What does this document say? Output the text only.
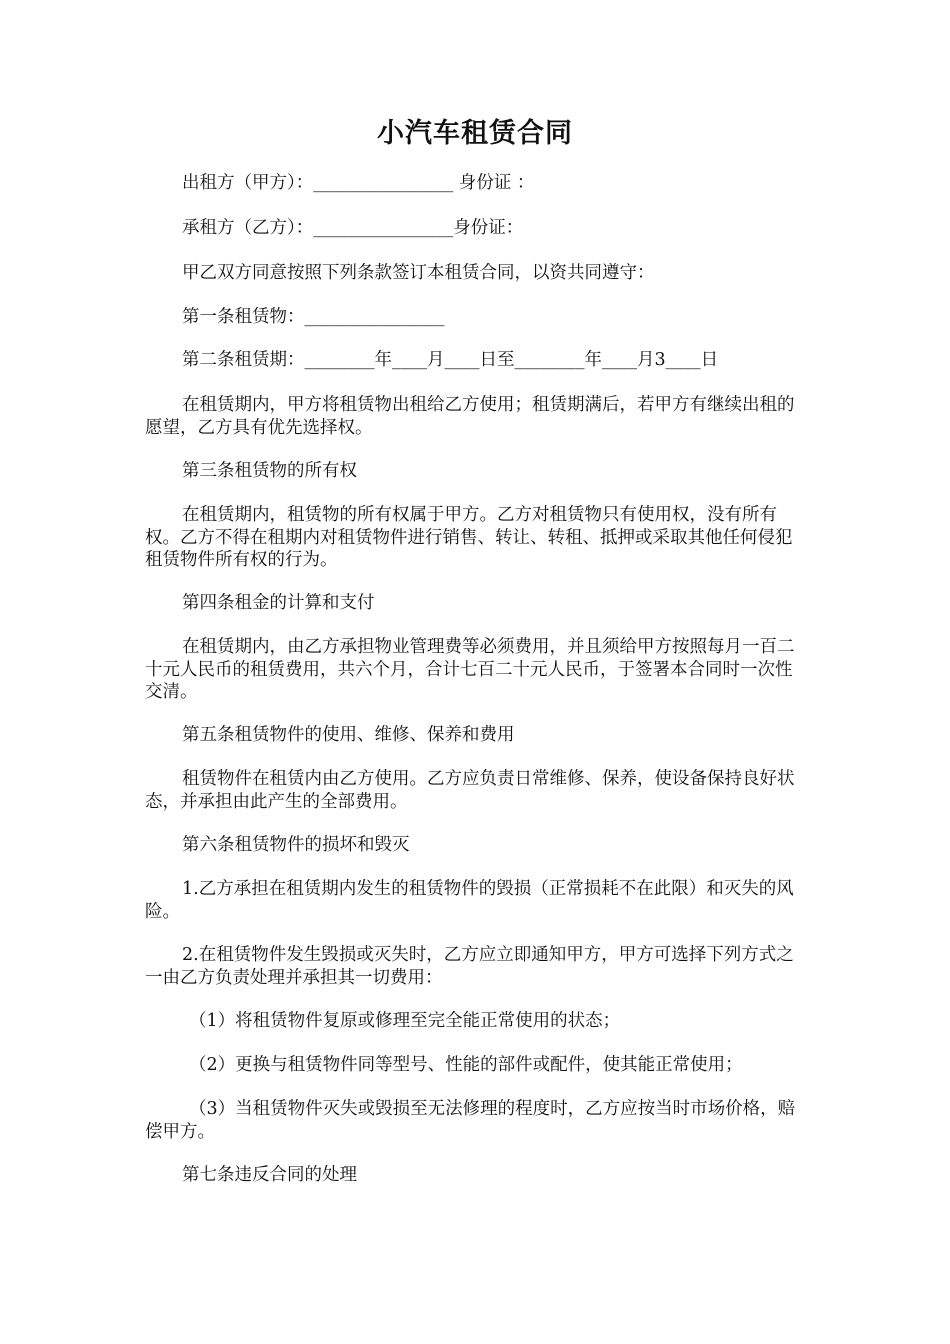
小汽车租赁合同
出租方（甲方）：________________ 身份证 ：
承租方（乙方）：________________身份证：
甲乙双方同意按照下列条款签订本租赁合同，以资共同遵守：
第一条租赁物：________________
第二条租赁期：________年____月____日至________年____月3____日
在租赁期内，甲方将租赁物出租给乙方使用；租赁期满后，若甲方有继续出租的愿望，乙方具有优先选择权。
第三条租赁物的所有权
在租赁期内，租赁物的所有权属于甲方。乙方对租赁物只有使用权，没有所有权。乙方不得在租期内对租赁物件进行销售、转让、转租、抵押或采取其他任何侵犯租赁物件所有权的行为。
第四条租金的计算和支付
在租赁期内，由乙方承担物业管理费等必须费用，并且须给甲方按照每月一百二十元人民币的租赁费用，共六个月，合计七百二十元人民币，于签署本合同时一次性交清。
第五条租赁物件的使用、维修、保养和费用
租赁物件在租赁内由乙方使用。乙方应负责日常维修、保养，使设备保持良好状态，并承担由此产生的全部费用。
第六条租赁物件的损坏和毁灭
1.乙方承担在租赁期内发生的租赁物件的毁损（正常损耗不在此限）和灭失的风险。
2.在租赁物件发生毁损或灭失时，乙方应立即通知甲方，甲方可选择下列方式之一由乙方负责处理并承担其一切费用：
（1）将租赁物件复原或修理至完全能正常使用的状态；
（2）更换与租赁物件同等型号、性能的部件或配件，使其能正常使用；
（3）当租赁物件灭失或毁损至无法修理的程度时，乙方应按当时市场价格，赔偿甲方。
第七条违反合同的处理
